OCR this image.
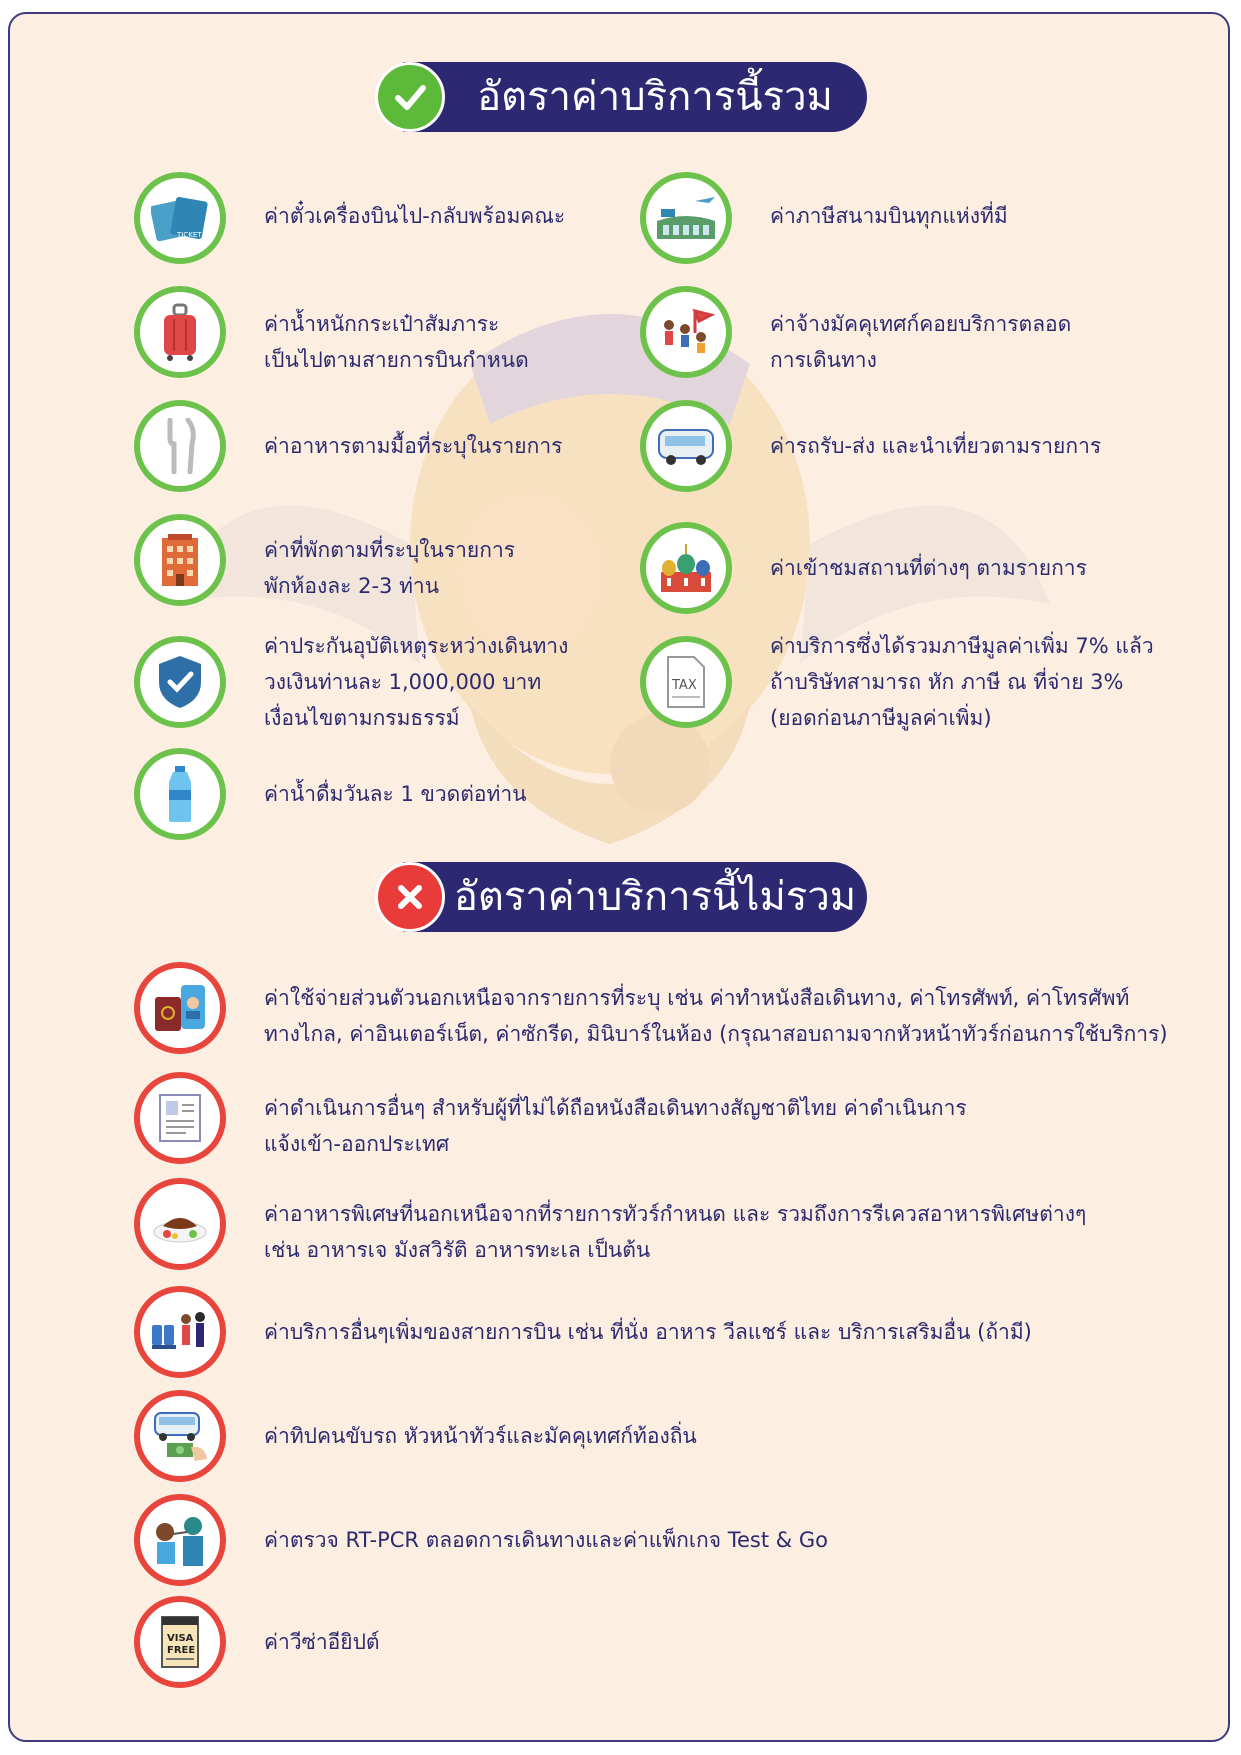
อัตราค่าบริการนี้รวม
TICKET
ค่าตั๋วเครื่องบินไป-กลับพร้อมคณะ	ค่าภาษีสนามบินทุกแห่งที่มี
ค่าน้ำหนักกระเป๋าสัมภาระ
เป็นไปตามสายการบินกำหนด
ค่าจ้างมัคคุเทศก์คอยบริการตลอด
การเดินทาง
ค่าอาหารตามมื้อที่ระบุในรายการ	ค่ารถรับ-ส่ง และนำเที่ยวตามรายการ
ค่าที่พักตามที่ระบุในรายการ
พักห้องละ 2-3 ท่าน
ค่าเข้าชมสถานที่ต่างๆ ตามรายการ
ค่าประกันอุบัติเหตุระหว่างเดินทาง
วงเงินท่านละ 1,000,000 บาท
เงื่อนไขตามกรมธรรม์
TAX
ค่าบริการซึ่งได้รวมภาษีมูลค่าเพิ่ม 7% แล้ว
ถ้าบริษัทสามารถ หัก ภาษี ณ ที่จ่าย 3%
(ยอดก่อนภาษีมูลค่าเพิ่ม)
ค่าน้ำดื่มวันละ 1 ขวดต่อท่าน
อัตราค่าบริการนี้ไม่รวม
ค่าใช้จ่ายส่วนตัวนอกเหนือจากรายการที่ระบุ เช่น ค่าทำหนังสือเดินทาง, ค่าโทรศัพท์, ค่าโทรศัพท์
ทางไกล, ค่าอินเตอร์เน็ต, ค่าซักรีด, มินิบาร์ในห้อง (กรุณาสอบถามจากหัวหน้าทัวร์ก่อนการใช้บริการ)
ค่าดำเนินการอื่นๆ สำหรับผู้ที่ไม่ได้ถือหนังสือเดินทางสัญชาติไทย ค่าดำเนินการ
แจ้งเข้า-ออกประเทศ
ค่าอาหารพิเศษที่นอกเหนือจากที่รายการทัวร์กำหนด และ รวมถึงการรีเควสอาหารพิเศษต่างๆ
เช่น อาหารเจ มังสวิรัติ อาหารทะเล เป็นต้น
ค่าบริการอื่นๆเพิ่มของสายการบิน เช่น ที่นั่ง อาหาร วีลแชร์ และ บริการเสริมอื่น (ถ้ามี)
ค่าทิปคนขับรถ หัวหน้าทัวร์และมัคคุเทศก์ท้องถิ่น
ค่าตรวจ RT-PCR ตลอดการเดินทางและค่าแพ็กเกจ Test & Go
VISA
FREE	ค่าวีซ่าอียิปต์
